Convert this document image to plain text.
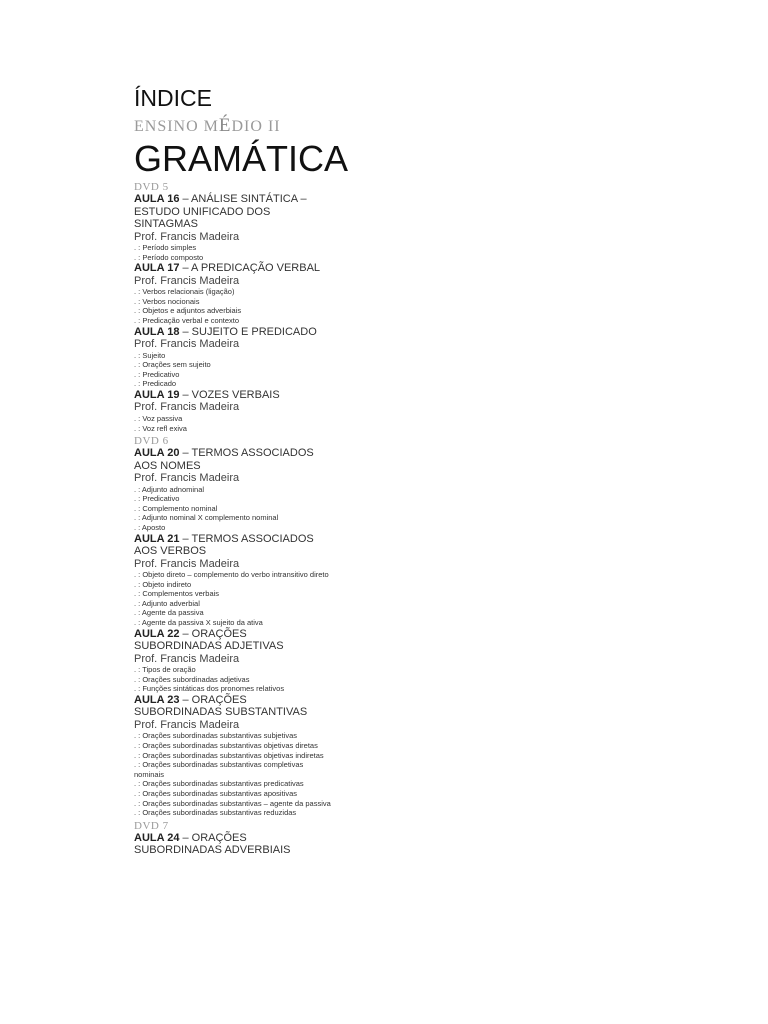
ÍNDICE
ENSINO MÉDIO II
GRAMÁTICA
DVD 5

AULA 16 – ANÁLISE SINTÁTICA – ESTUDO UNIFICADO DOS SINTAGMAS

Prof. Francis Madeira

. : Período simples
. : Período composto

AULA 17 – A PREDICAÇÃO VERBAL

Prof. Francis Madeira

. : Verbos relacionais (ligação)
. : Verbos nocionais
. : Objetos e adjuntos adverbiais
. : Predicação verbal e contexto

AULA 18 – SUJEITO E PREDICADO

Prof. Francis Madeira

. : Sujeito
. : Orações sem sujeito
. : Predicativo
. : Predicado

AULA 19 – VOZES VERBAIS

Prof. Francis Madeira

. : Voz passiva
. : Voz refl exiva
DVD 6

AULA 20 – TERMOS ASSOCIADOS AOS NOMES

Prof. Francis Madeira

. : Adjunto adnominal
. : Predicativo
. : Complemento nominal
. : Adjunto nominal X complemento nominal
. : Aposto

AULA 21 – TERMOS ASSOCIADOS AOS VERBOS

Prof. Francis Madeira

. : Objeto direto – complemento do verbo intransitivo direto
. : Objeto indireto
. : Complementos verbais
. : Adjunto adverbial
. : Agente da passiva
. : Agente da passiva X sujeito da ativa

AULA 22 – ORAÇÕES SUBORDINADAS ADJETIVAS

Prof. Francis Madeira

. : Tipos de oração
. : Orações subordinadas adjetivas
. : Funções sintáticas dos pronomes relativos

AULA 23 – ORAÇÕES SUBORDINADAS SUBSTANTIVAS

Prof. Francis Madeira

. : Orações subordinadas substantivas subjetivas
. : Orações subordinadas substantivas objetivas diretas
. : Orações subordinadas substantivas objetivas indiretas
. : Orações subordinadas substantivas completivas nominais
. : Orações subordinadas substantivas predicativas
. : Orações subordinadas substantivas apositivas
. : Orações subordinadas substantivas – agente da passiva
. : Orações subordinadas substantivas reduzidas
DVD 7

AULA 24 – ORAÇÕES SUBORDINADAS ADVERBIAIS
